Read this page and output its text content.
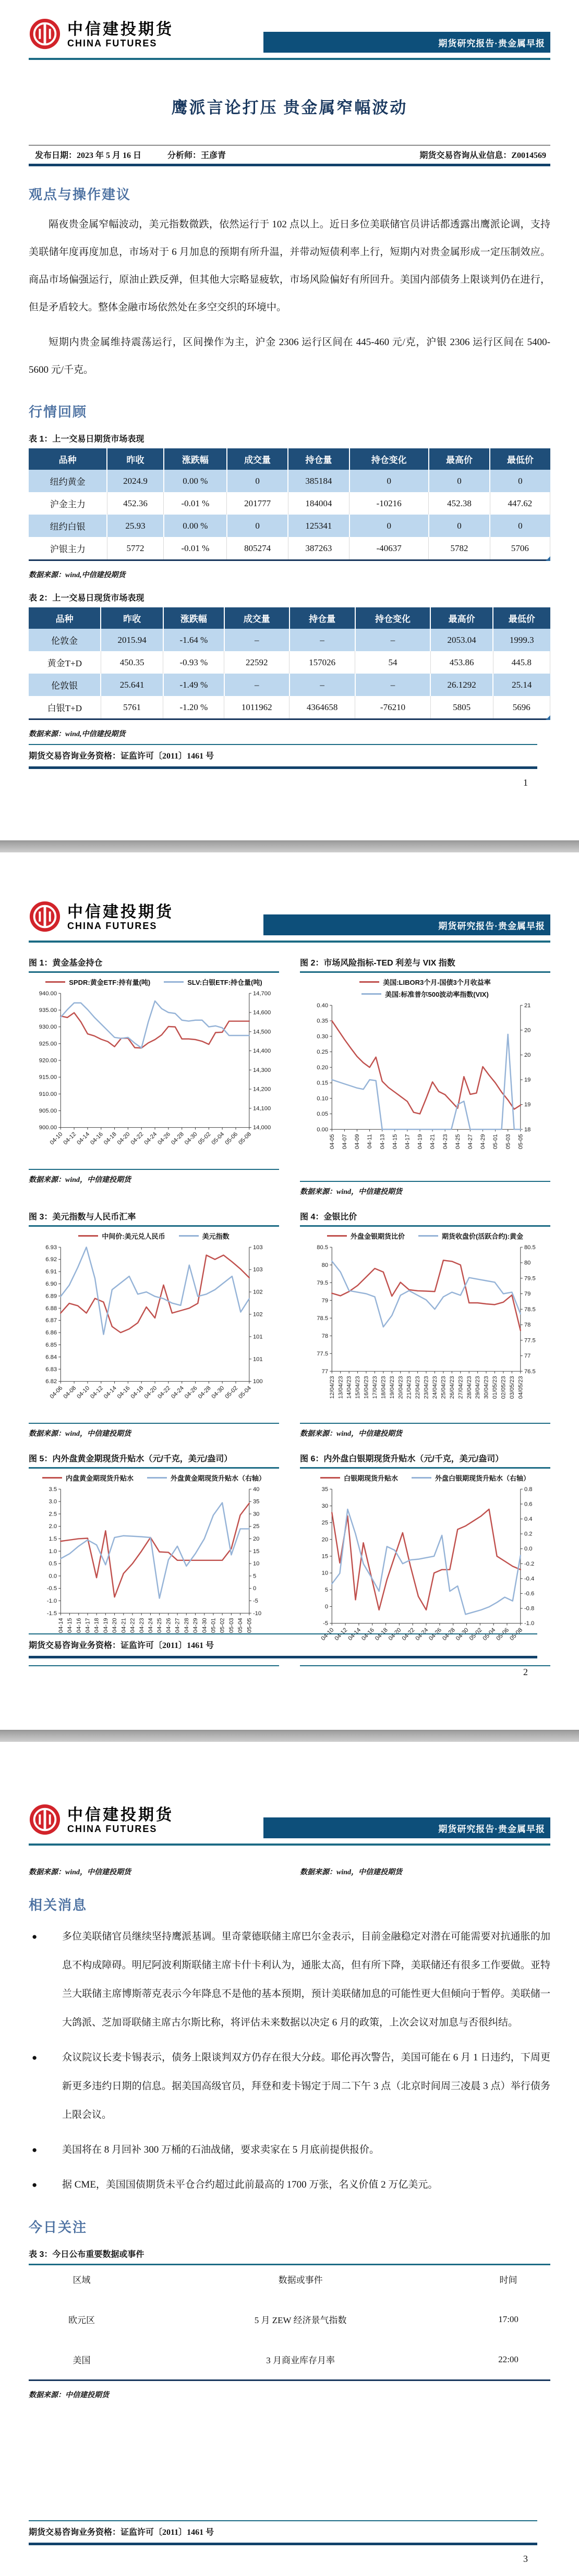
中信建投期货
CHINA FUTURES	期货研究报告·贵金属早报
鹰派言论打压 贵金属窄幅波动
发布日期：2023 年 5 月 16 日	分析师：王彦青	期货交易咨询从业信息：Z0014569
观点与操作建议
隔夜贵金属窄幅波动，美元指数微跌，依然运行于 102 点以上。近日多位美联储官员讲话都透露出鹰派论调，支持美联储年度再度加息，市场对于 6 月加息的预期有所升温，并带动短债利率上行，短期内对贵金属形成一定压制效应。商品市场偏强运行，原油止跌反弹，但其他大宗略显疲软，市场风险偏好有所回升。美国内部债务上限谈判仍在进行，但是矛盾较大。整体金融市场依然处在多空交织的环境中。
短期内贵金属维持震荡运行，区间操作为主，沪金 2306 运行区间在 445-460 元/克，沪银 2306 运行区间在 5400-5600 元/千克。
行情回顾
表 1：上一交易日期货市场表现
品种	昨收	涨跌幅	成交量	持仓量	持仓变化	最高价	最低价
纽约黄金	2024.9	0.00 %	0	385184	0	0	0
沪金主力	452.36	-0.01 %	201777	184004	-10216	452.38	447.62
纽约白银	25.93	0.00 %	0	125341	0	0	0
沪银主力	5772	-0.01 %	805274	387263	-40637	5782	5706
数据来源：wind,中信建投期货
表 2：上一交易日现货市场表现
品种	昨收	涨跌幅	成交量	持仓量	持仓变化	最高价	最低价
伦敦金	2015.94	-1.64 %	–	–	–	2053.04	1999.3
黄金T+D	450.35	-0.93 %	22592	157026	54	453.86	445.8
伦敦银	25.641	-1.49 %	–	–	–	26.1292	25.14
白银T+D	5761	-1.20 %	1011962	4364658	-76210	5805	5696
数据来源：wind,中信建投期货
期货交易咨询业务资格：证监许可〔2011〕1461 号
1
中信建投期货
CHINA FUTURES	期货研究报告·贵金属早报
图 1：黄金基金持仓
SPDR:黄金ETF:持有量(吨)	SLV:白银ETF:持仓量(吨)
940.00
935.00
930.00
925.00
920.00
915.00
910.00
905.00
900.00
14,700
14,600
14,500
14,400
14,300
14,200
14,100
14,000
04-10
04-12
04-14
04-16
04-18
04-20
04-22
04-24
04-26
04-28
04-30
05-02
05-04
05-06
05-08
数据来源：wind，中信建投期货
图 2：市场风险指标-TED 利差与 VIX 指数
美国:LIBOR3个月-国债3个月收益率
美国:标准普尔500波动率指数(VIX)
0.40
0.35
0.30
0.25
0.20
0.15
0.10
0.05
0.00
21
20
20
19
19
18
04-05 04-07 04-09 04-11 04-13 04-15 04-17 04-19 04-21 04-23 04-25 04-27 04-29 05-01 05-03 05-05
数据来源：wind，中信建投期货
图 3：美元指数与人民币汇率
中间价:美元兑人民币	美元指数
6.93
6.92
6.91
6.90
6.89
6.88
6.87
6.86
6.85
6.84
6.83
6.82
103
103
102
102
101
101
100
04-06
04-08
04-10
04-12
04-14
04-16
04-18
04-20
04-22
04-24
04-26
04-28
04-30
05-02
05-04
数据来源：wind，中信建投期货
图 4：金银比价
外盘金银期货比价	期货收盘价(活跃合约):黄金
80.5
80
79.5
79
78.5
78
77.5
77
80.5
80
79.5
79
78.5
78
77.5
77
76.5
12/04/23 13/04/23 14/04/23 15/04/23 16/04/23 17/04/23 18/04/23 19/04/23 20/04/23 21/04/23 22/04/23 23/04/23 24/04/23 25/04/23 26/04/23 27/04/23 28/04/23 29/04/23 30/04/23 01/05/23 02/05/23 03/05/23 04/05/23
数据来源：wind，中信建投期货
图 5：内外盘黄金期现货升贴水（元/千克，美元/盎司）
内盘黄金期现货升贴水	外盘黄金期现货升贴水（右轴）
3.5
3.0
2.5
2.0
1.5
1.0
0.5
0.0
-0.5
-1.0
-1.5
40
35
30
25
20
15
10
5
0
-5
-10
04-14 04-15 04-16 04-17 04-18 04-19 04-20 04-21 04-22 04-23 04-24 04-25 04-26 04-27 04-28 04-29 04-30 05-01 05-02 05-03 05-04 05-05
图 6：内外盘白银期现货升贴水（元/千克，美元/盎司）
白银期现货升贴水	外盘白银期现货升贴水（右轴）
35
30
25
20
15
10
5
0
-5
0.8
0.6
0.4
0.2
0.0
-0.2
-0.4
-0.6
-0.8
-1.0
04-10
04-12
04-14
04-16
04-18
04-20
04-22
04-24
04-26
04-28
04-30
05-02
05-04
05-06
05-08
期货交易咨询业务资格：证监许可〔2011〕1461 号
2
中信建投期货
CHINA FUTURES	期货研究报告·贵金属早报
数据来源：wind，中信建投期货	数据来源：wind，中信建投期货
相关消息
●	多位美联储官员继续坚持鹰派基调。里奇蒙德联储主席巴尔金表示，目前金融稳定对潜在可能需要对抗通胀的加息不构成障碍。明尼阿波利斯联储主席卡什卡利认为，通胀太高，但有所下降，美联储还有很多工作要做。亚特兰大联储主席博斯蒂克表示今年降息不是他的基本预期，预计美联储加息的可能性更大但倾向于暂停。美联储一大鸽派、芝加哥联储主席古尔斯比称，将评估未来数据以决定 6 月的政策，上次会议对加息与否很纠结。
●	众议院议长麦卡锡表示，债务上限谈判双方仍存在很大分歧。耶伦再次警告，美国可能在 6 月 1 日违约，下周更新更多违约日期的信息。据美国高级官员，拜登和麦卡锡定于周二下午 3 点（北京时间周三凌晨 3 点）举行债务上限会议。
●	美国将在 8 月回补 300 万桶的石油战储，要求卖家在 5 月底前提供报价。
●	据 CME，美国国债期货未平仓合约超过此前最高的 1700 万张，名义价值 2 万亿美元。
今日关注
表 3：今日公布重要数据或事件
区域	数据或事件	时间
欧元区	5 月 ZEW 经济景气指数	17:00
美国	3 月商业库存月率	22:00
数据来源：中信建投期货
期货交易咨询业务资格：证监许可〔2011〕1461 号
3
